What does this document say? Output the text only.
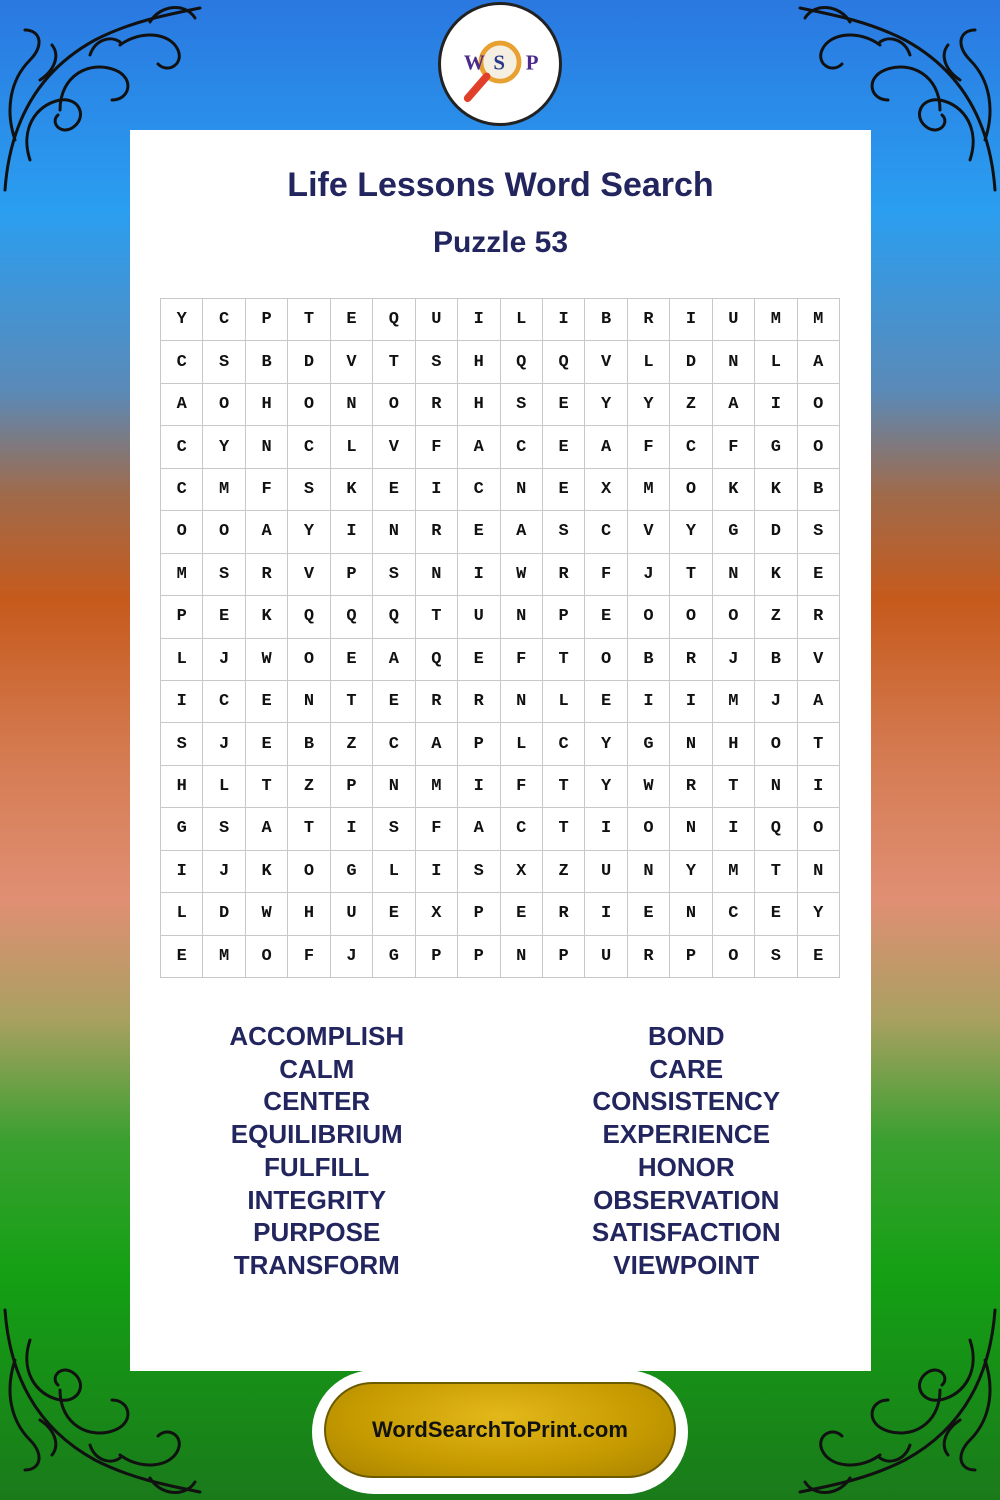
W S P
Life Lessons Word Search
Puzzle 53
Y	C	P	T	E	Q	U	I	L	I	B	R	I	U	M	M
C	S	B	D	V	T	S	H	Q	Q	V	L	D	N	L	A
A	O	H	O	N	O	R	H	S	E	Y	Y	Z	A	I	O
C	Y	N	C	L	V	F	A	C	E	A	F	C	F	G	O
C	M	F	S	K	E	I	C	N	E	X	M	O	K	K	B
O	O	A	Y	I	N	R	E	A	S	C	V	Y	G	D	S
M	S	R	V	P	S	N	I	W	R	F	J	T	N	K	E
P	E	K	Q	Q	Q	T	U	N	P	E	O	O	O	Z	R
L	J	W	O	E	A	Q	E	F	T	O	B	R	J	B	V
I	C	E	N	T	E	R	R	N	L	E	I	I	M	J	A
S	J	E	B	Z	C	A	P	L	C	Y	G	N	H	O	T
H	L	T	Z	P	N	M	I	F	T	Y	W	R	T	N	I
G	S	A	T	I	S	F	A	C	T	I	O	N	I	Q	O
I	J	K	O	G	L	I	S	X	Z	U	N	Y	M	T	N
L	D	W	H	U	E	X	P	E	R	I	E	N	C	E	Y
E	M	O	F	J	G	P	P	N	P	U	R	P	O	S	E
ACCOMPLISH
CALM
CENTER
EQUILIBRIUM
FULFILL
INTEGRITY
PURPOSE
TRANSFORM
BOND
CARE
CONSISTENCY
EXPERIENCE
HONOR
OBSERVATION
SATISFACTION
VIEWPOINT
WordSearchToPrint.com
